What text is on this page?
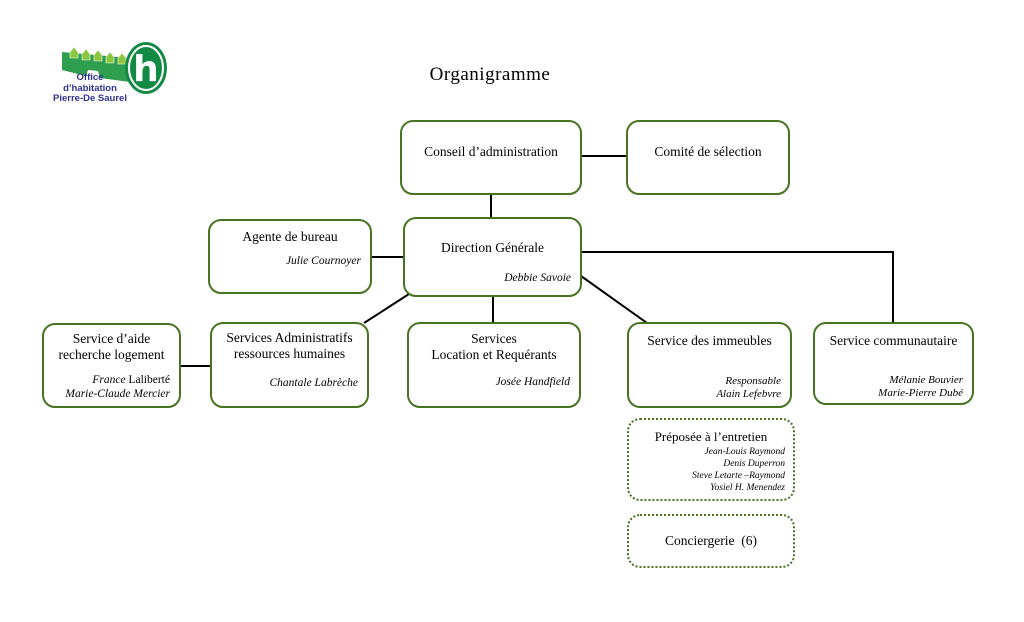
h
Office
d’habitation
Pierre-De Saurel
Organigramme
Conseil d’administration	Comité de sélection
Agente de bureau
Julie Cournoyer
Direction Générale
Debbie Savoie
Service d’aide
recherche logement
France Laliberté
Marie-Claude Mercier
Services Administratifs
ressources humaines
Chantale Labrèche
Services
Location et Requérants
Josée Handfield
Service des immeubles
Responsable
Alain Lefebvre
Service communautaire
Mélanie Bouvier
Marie-Pierre Dubé
Préposée à l’entretien
Jean-Louis Raymond
Denis Duperron
Steve Letarte –Raymond
Yosiel H. Menendez
Conciergerie (6)
